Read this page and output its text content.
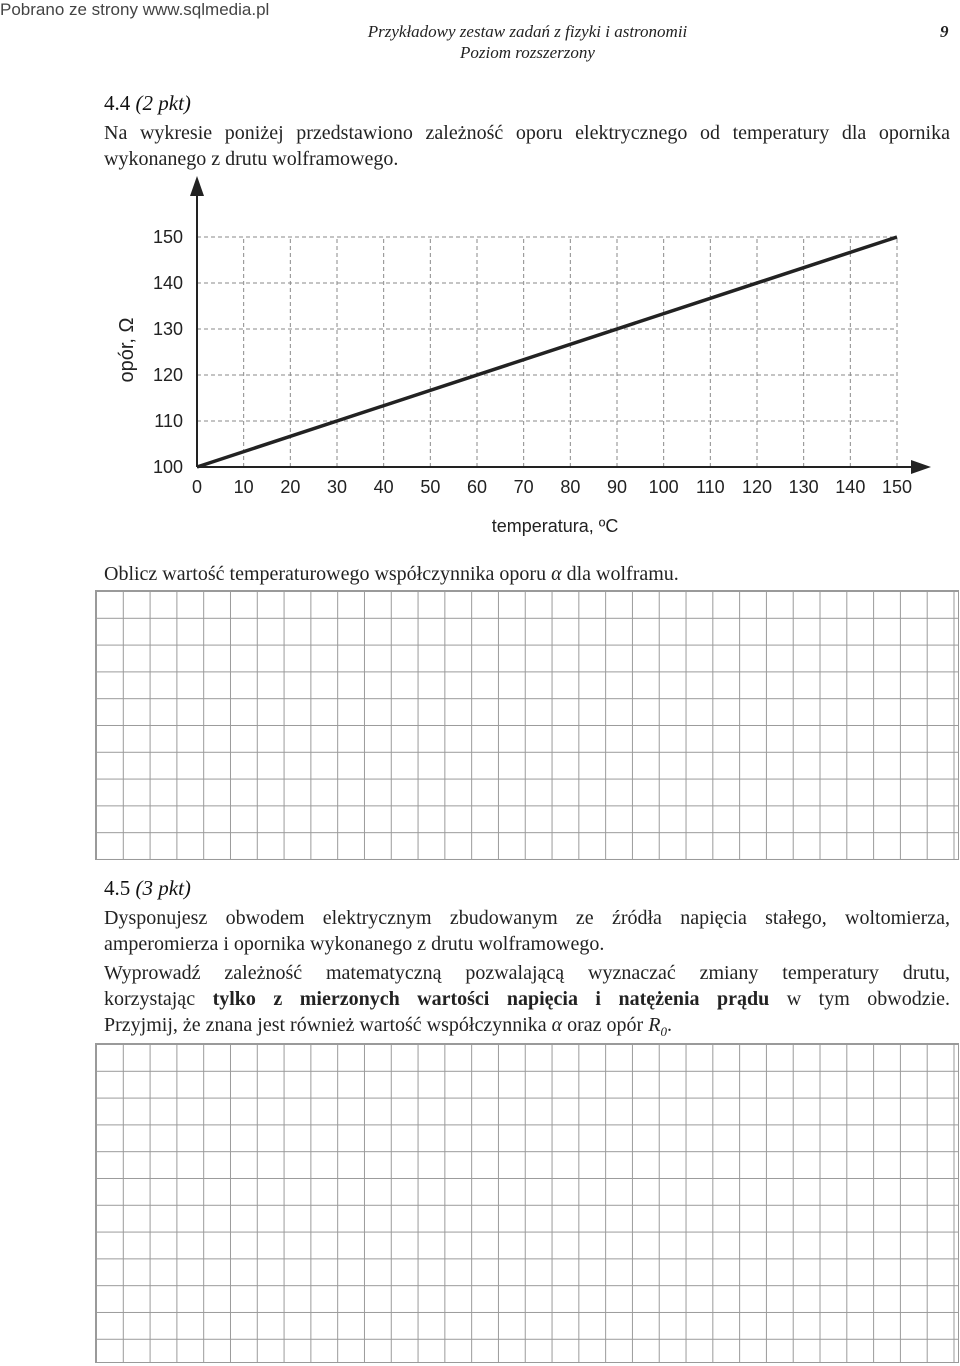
Pobrano ze strony www.sqlmedia.pl
Przykładowy zestaw zadań z fizyki i astronomii
Poziom rozszerzony
9
4.4 (2 pkt)
Na wykresie poniżej przedstawiono zależność oporu elektrycznego od temperatury dla opornika wykonanego z drutu wolframowego.
100
110
120
130
140
150
0 10 20 30 40 50 60 70 80 90 100 110 120 130 140 150
opór, Ω
temperatura, ºC
Oblicz wartość temperaturowego współczynnika oporu α dla wolframu.
4.5 (3 pkt)
Dysponujesz obwodem elektrycznym zbudowanym ze źródła napięcia stałego, woltomierza, amperomierza i opornika wykonanego z drutu wolframowego.
Wyprowadź zależność matematyczną pozwalającą wyznaczać zmiany temperatury drutu,
korzystając tylko z mierzonych wartości napięcia i natężenia prądu w tym obwodzie.
Przyjmij, że znana jest również wartość współczynnika α oraz opór $R_0$.
